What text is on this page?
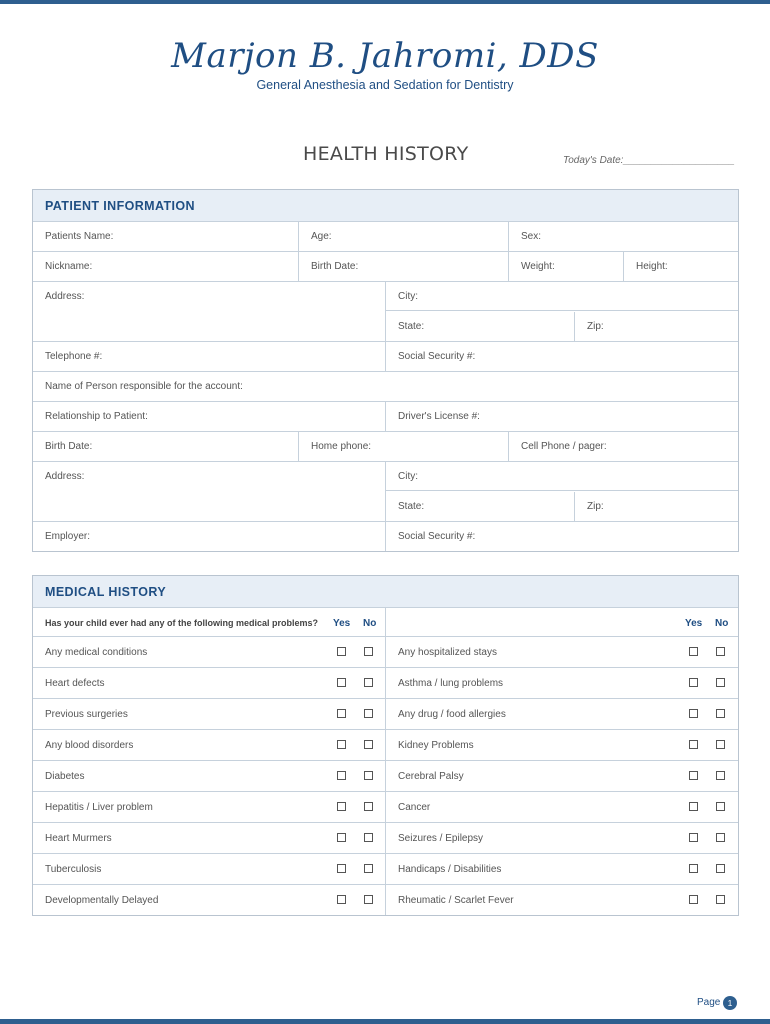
Marjon B. Jahromi, DDS
General Anesthesia and Sedation for Dentistry
HEALTH HISTORY	Today's Date:____________________
PATIENT INFORMATION
Patients Name:	Age:	Sex:
Nickname:	Birth Date:	Weight:	Height:
Address:	City:
State:	Zip:
Telephone #:	Social Security #:
Name of Person responsible for the account:
Relationship to Patient:	Driver's License #:
Birth Date:	Home phone:	Cell Phone / pager:
Address:	City:
State:	Zip:
Employer:	Social Security #:
MEDICAL HISTORY
Has your child ever had any of the following medical problems? Yes No	Yes No
Any medical conditions	Any hospitalized stays
Heart defects	Asthma / lung problems
Previous surgeries	Any drug / food allergies
Any blood disorders	Kidney Problems
Diabetes	Cerebral Palsy
Hepatitis / Liver problem	Cancer
Heart Murmers	Seizures / Epilepsy
Tuberculosis	Handicaps / Disabilities
Developmentally Delayed	Rheumatic / Scarlet Fever
Page 1
